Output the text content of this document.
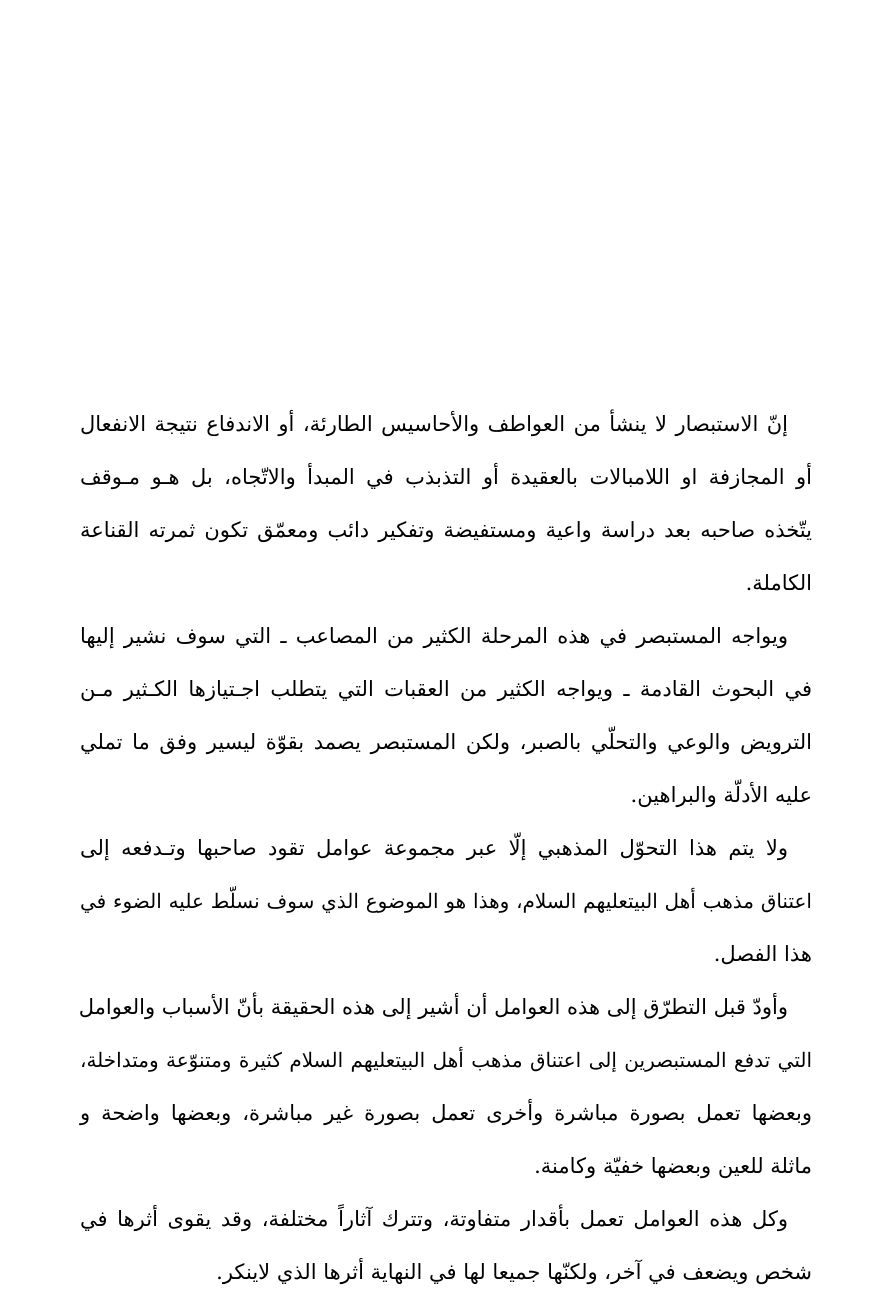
إنّ الاستبصار لا ينشأ من العواطف والأحاسيس الطارئة، أو الاندفاع نتيجة الانفعال
أو المجازفة او اللامبالات بالعقيدة أو التذبذب في المبدأ والاتّجاه، بل هـو مـوقف
يتّخذه صاحبه بعد دراسة واعية ومستفيضة وتفكير دائب ومعمّق تكون ثمرته القناعة
الكاملة.
ويواجه المستبصر في هذه المرحلة الكثير من المصاعب ـ التي سوف نشير إليها
في البحوث القادمة ـ ويواجه الكثير من العقبات التي يتطلب اجـتيازها الكـثير مـن
الترويض والوعي والتحلّي بالصبر، ولكن المستبصر يصمد بقوّة ليسير وفق ما تملي
عليه الأدلّة والبراهين.
ولا يتم هذا التحوّل المذهبي إلّا عبر مجموعة عوامل تقود صاحبها وتـدفعه إلى
اعتناق مذهب أهل البيتعليهم السلام، وهذا هو الموضوع الذي سوف نسلّط عليه الضوء في
هذا الفصل.
وأودّ قبل التطرّق إلى هذه العوامل أن أشير إلى هذه الحقيقة بأنّ الأسباب والعوامل
التي تدفع المستبصرين إلى اعتناق مذهب أهل البيتعليهم السلام كثيرة ومتنوّعة ومتداخلة،
وبعضها تعمل بصورة مباشرة وأخرى تعمل بصورة غير مباشرة، وبعضها واضحة و
ماثلة للعين وبعضها خفيّة وكامنة.
وكل هذه العوامل تعمل بأقدار متفاوتة، وتترك آثاراً مختلفة، وقد يقوى أثرها في
شخص ويضعف في آخر، ولكنّها جميعا لها في النهاية أثرها الذي لاينكر.
